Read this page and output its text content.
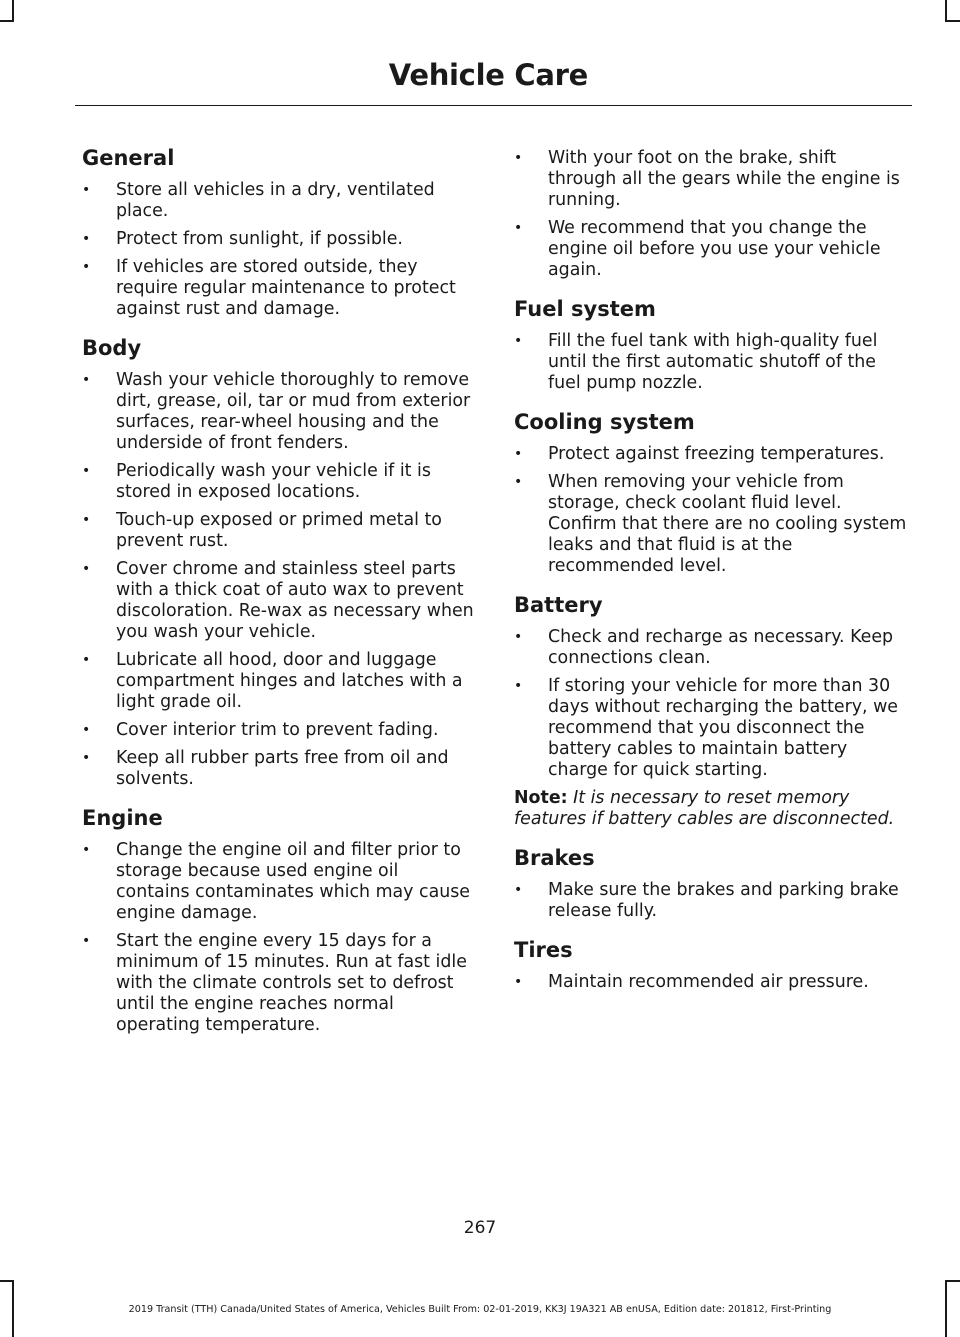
Vehicle Care
General
• Store all vehicles in a dry, ventilated place.
• Protect from sunlight, if possible.
• If vehicles are stored outside, they require regular maintenance to protect against rust and damage.
Body
• Wash your vehicle thoroughly to remove dirt, grease, oil, tar or mud from exterior surfaces, rear-wheel housing and the underside of front fenders.
• Periodically wash your vehicle if it is stored in exposed locations.
• Touch-up exposed or primed metal to prevent rust.
• Cover chrome and stainless steel parts with a thick coat of auto wax to prevent discoloration. Re-wax as necessary when you wash your vehicle.
• Lubricate all hood, door and luggage compartment hinges and latches with a light grade oil.
• Cover interior trim to prevent fading.
• Keep all rubber parts free from oil and solvents.
Engine
• Change the engine oil and filter prior to storage because used engine oil contains contaminates which may cause engine damage.
• Start the engine every 15 days for a minimum of 15 minutes. Run at fast idle with the climate controls set to defrost until the engine reaches normal operating temperature.
• With your foot on the brake, shift through all the gears while the engine is running.
• We recommend that you change the engine oil before you use your vehicle again.
Fuel system
• Fill the fuel tank with high-quality fuel until the first automatic shutoff of the fuel pump nozzle.
Cooling system
• Protect against freezing temperatures.
• When removing your vehicle from storage, check coolant fluid level. Confirm that there are no cooling system leaks and that fluid is at the recommended level.
Battery
• Check and recharge as necessary. Keep connections clean.
• If storing your vehicle for more than 30 days without recharging the battery, we recommend that you disconnect the battery cables to maintain battery charge for quick starting.
Note: It is necessary to reset memory features if battery cables are disconnected.
Brakes
• Make sure the brakes and parking brake release fully.
Tires
• Maintain recommended air pressure.
267
2019 Transit (TTH) Canada/United States of America, Vehicles Built From: 02-01-2019, KK3J 19A321 AB enUSA, Edition date: 201812, First-Printing
